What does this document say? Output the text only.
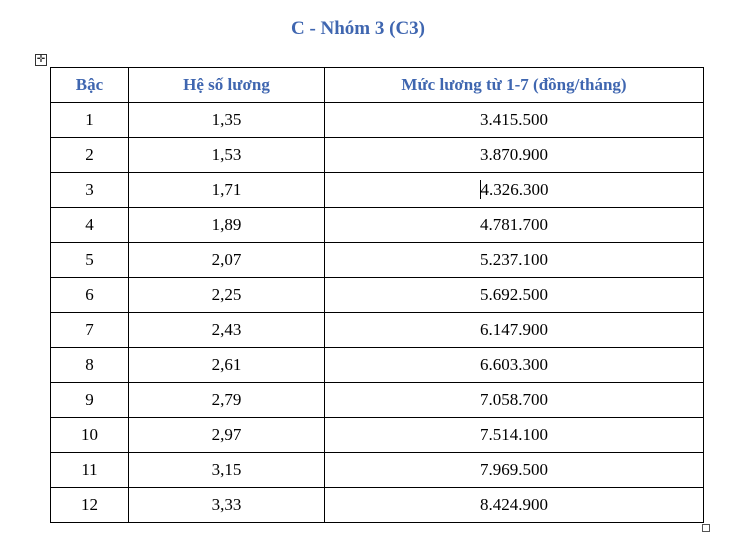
C - Nhóm 3 (C3)
✛
Bậc	Hệ số lương	Mức lương từ 1-7 (đồng/tháng)
1	1,35	3.415.500
2	1,53	3.870.900
3	1,71	4.326.300
4	1,89	4.781.700
5	2,07	5.237.100
6	2,25	5.692.500
7	2,43	6.147.900
8	2,61	6.603.300
9	2,79	7.058.700
10	2,97	7.514.100
11	3,15	7.969.500
12	3,33	8.424.900
